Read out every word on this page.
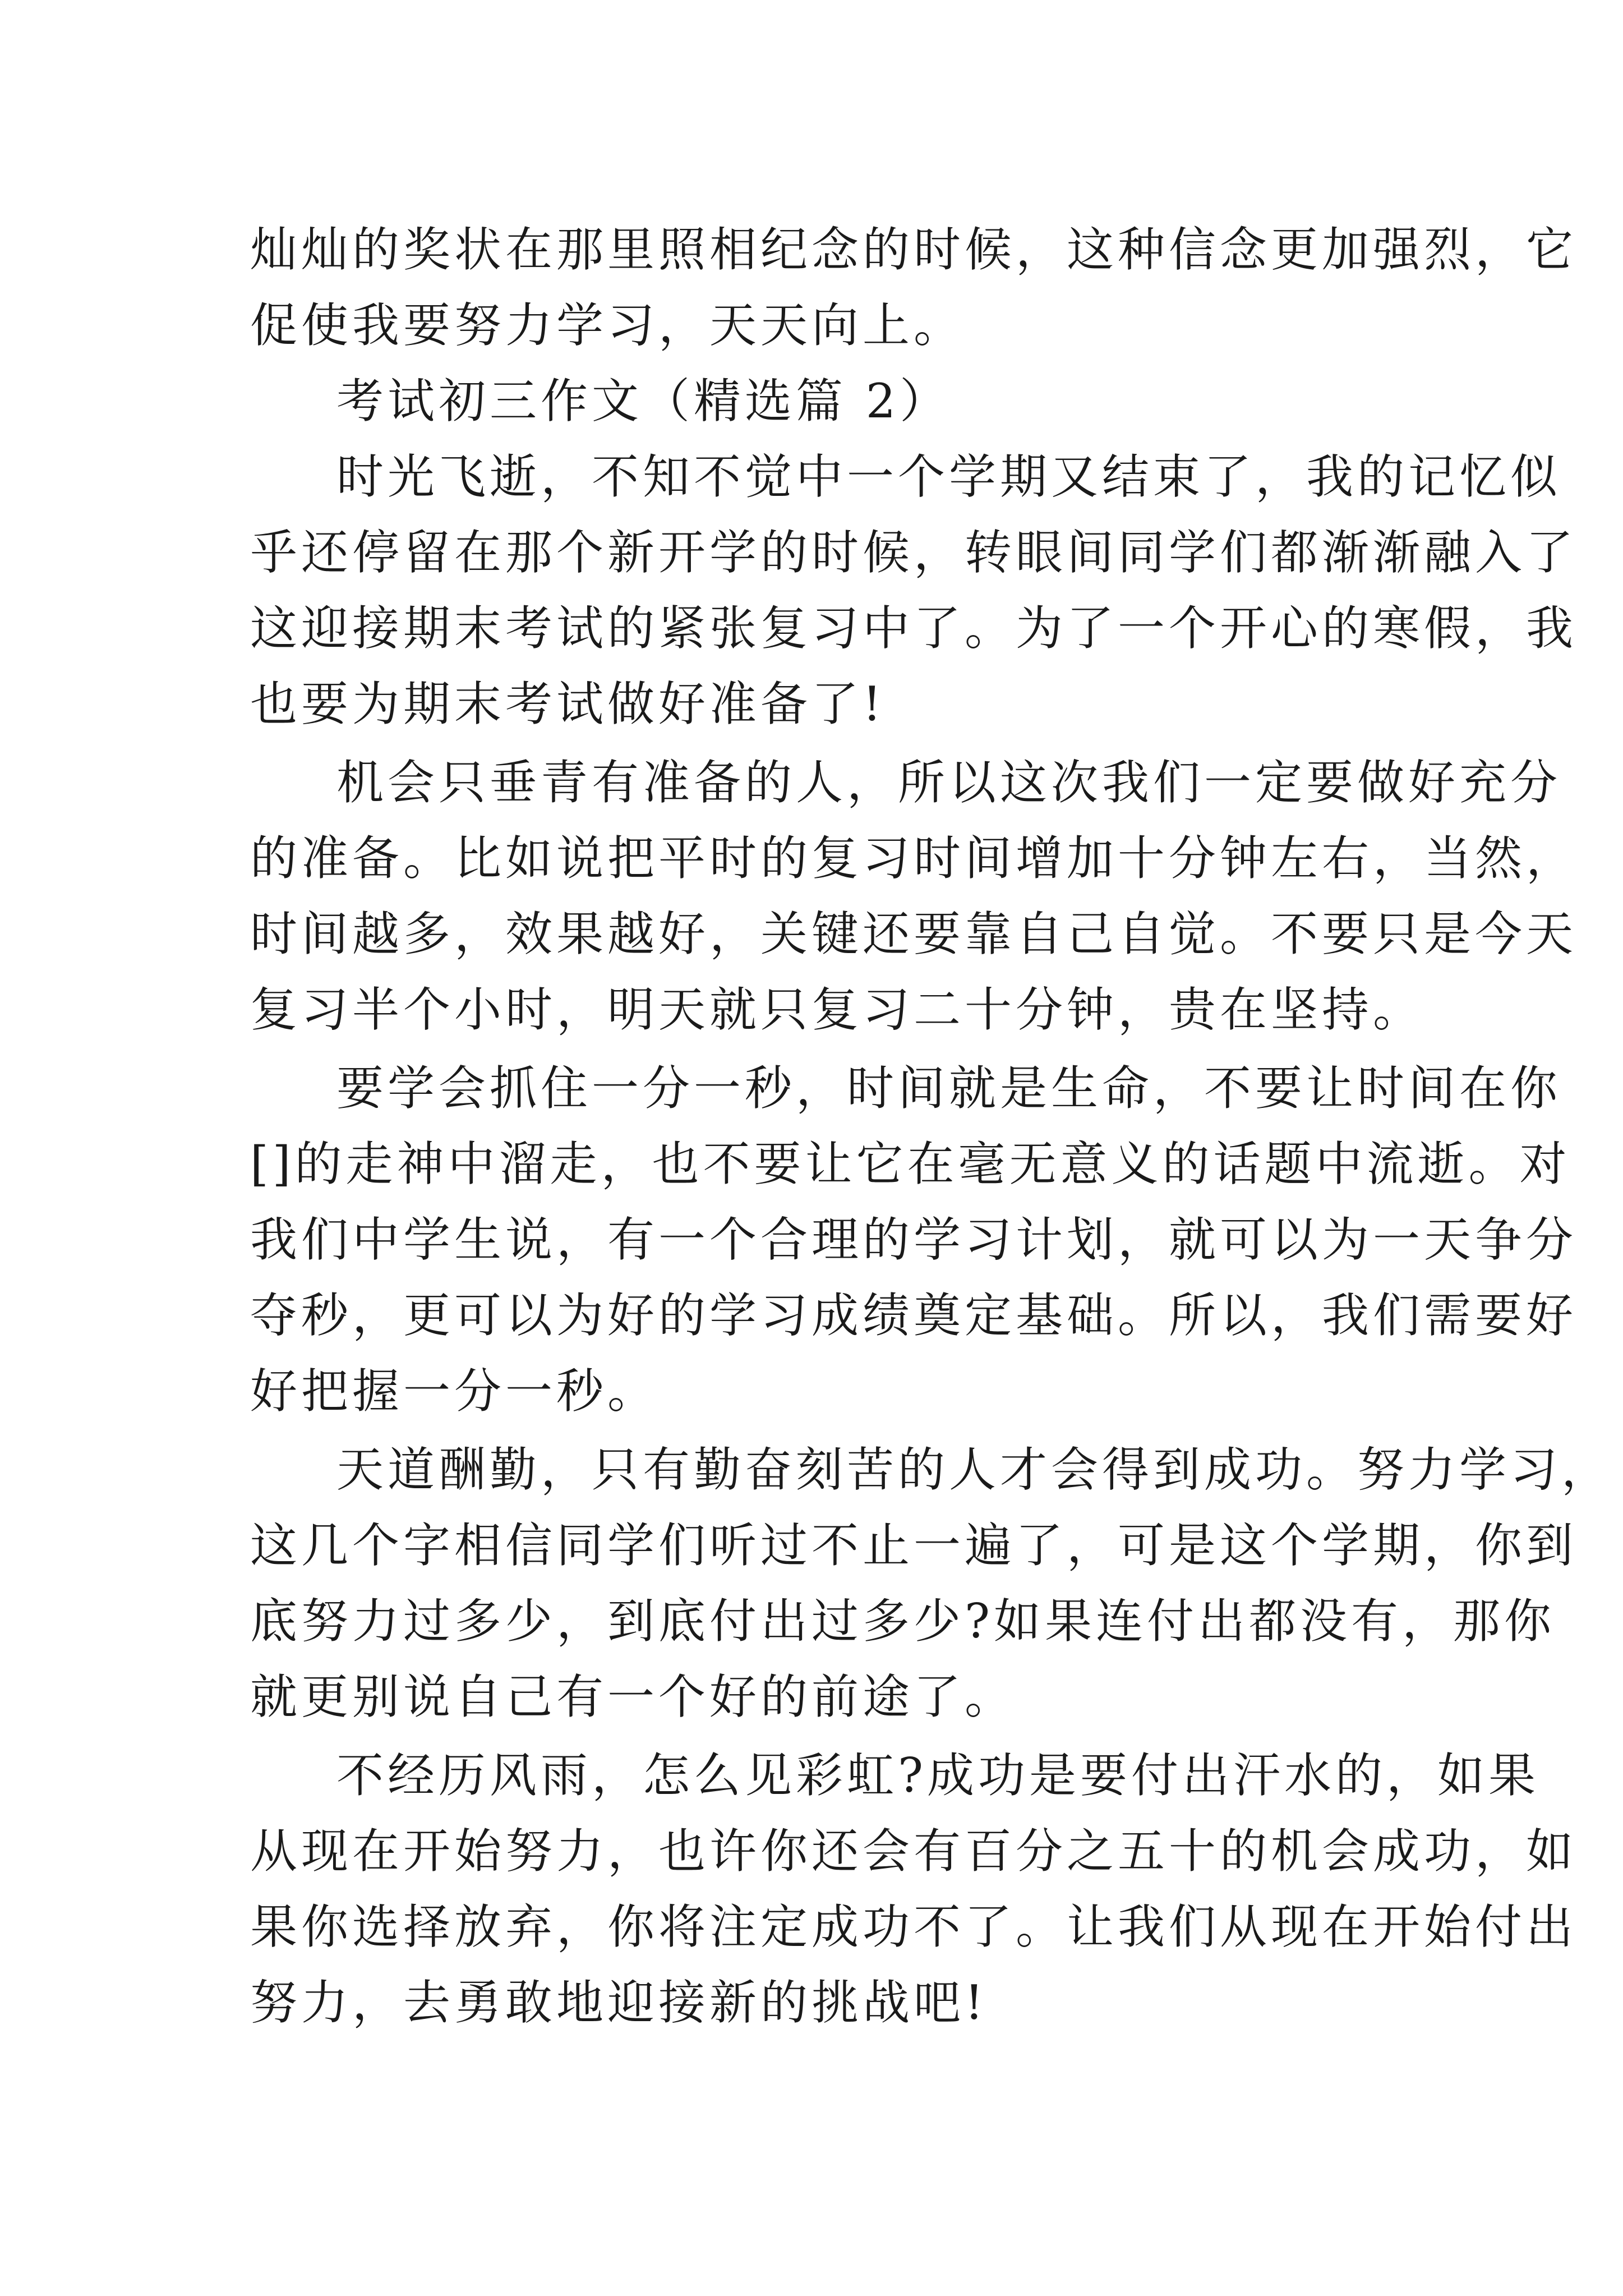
灿灿的奖状在那里照相纪念的时候，这种信念更加强烈，它
促使我要努力学习，天天向上。
考试初三作文（精选篇 2）
时光飞逝，不知不觉中一个学期又结束了，我的记忆似
乎还停留在那个新开学的时候，转眼间同学们都渐渐融入了
这迎接期末考试的紧张复习中了。为了一个开心的寒假，我
也要为期末考试做好准备了!
机会只垂青有准备的人，所以这次我们一定要做好充分
的准备。比如说把平时的复习时间增加十分钟左右，当然，
时间越多，效果越好，关键还要靠自己自觉。不要只是今天
复习半个小时，明天就只复习二十分钟，贵在坚持。
要学会抓住一分一秒，时间就是生命，不要让时间在你
[]的走神中溜走，也不要让它在毫无意义的话题中流逝。对
我们中学生说，有一个合理的学习计划，就可以为一天争分
夺秒，更可以为好的学习成绩奠定基础。所以，我们需要好
好把握一分一秒。
天道酬勤，只有勤奋刻苦的人才会得到成功。努力学习，
这几个字相信同学们听过不止一遍了，可是这个学期，你到
底努力过多少，到底付出过多少?如果连付出都没有，那你
就更别说自己有一个好的前途了。
不经历风雨，怎么见彩虹?成功是要付出汗水的，如果
从现在开始努力，也许你还会有百分之五十的机会成功，如
果你选择放弃，你将注定成功不了。让我们从现在开始付出
努力，去勇敢地迎接新的挑战吧!
